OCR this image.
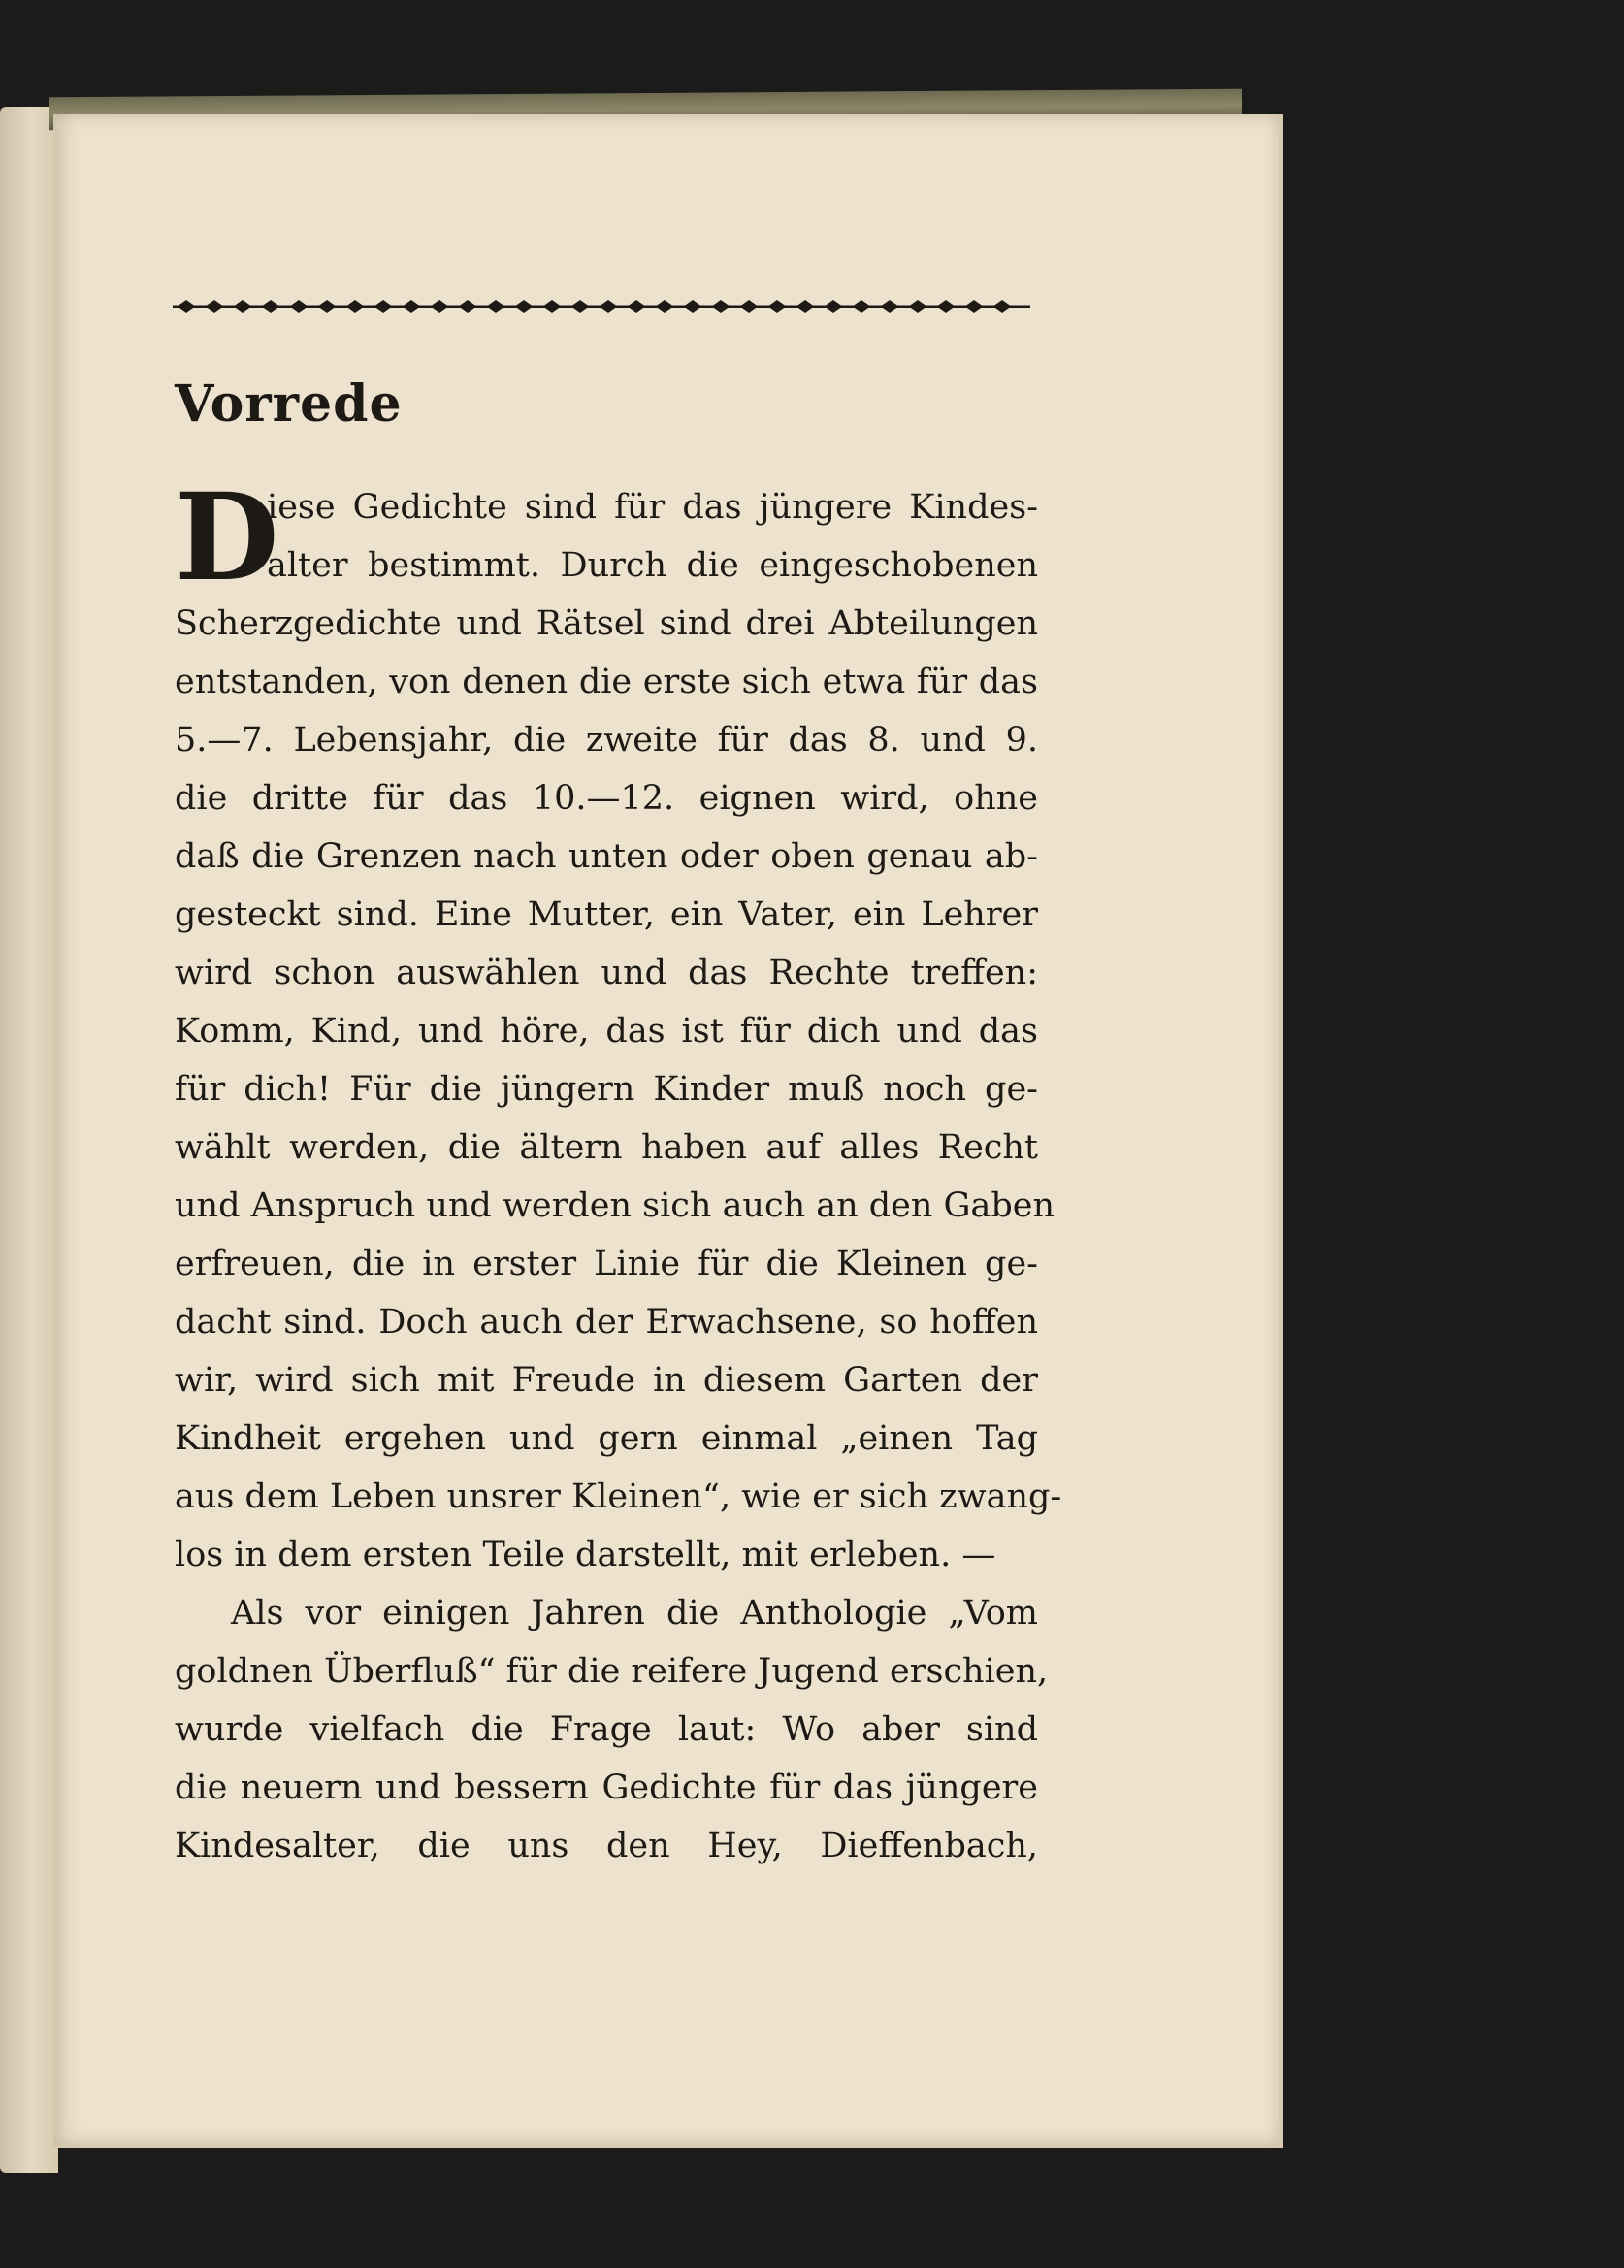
Vorrede
D
iese Gedichte sind für das jüngere Kindes-
alter bestimmt. Durch die eingeschobenen
Scherzgedichte und Rätsel sind drei Abteilungen
entstanden, von denen die erste sich etwa für das
5.—7. Lebensjahr, die zweite für das 8. und 9.
die dritte für das 10.—12. eignen wird, ohne
daß die Grenzen nach unten oder oben genau ab-
gesteckt sind. Eine Mutter, ein Vater, ein Lehrer
wird schon auswählen und das Rechte treffen:
Komm, Kind, und höre, das ist für dich und das
für dich! Für die jüngern Kinder muß noch ge-
wählt werden, die ältern haben auf alles Recht
und Anspruch und werden sich auch an den Gaben
erfreuen, die in erster Linie für die Kleinen ge-
dacht sind. Doch auch der Erwachsene, so hoffen
wir, wird sich mit Freude in diesem Garten der
Kindheit ergehen und gern einmal „einen Tag
aus dem Leben unsrer Kleinen“, wie er sich zwang-
los in dem ersten Teile darstellt, mit erleben. —
Als vor einigen Jahren die Anthologie „Vom
goldnen Überfluß“ für die reifere Jugend erschien,
wurde vielfach die Frage laut: Wo aber sind
die neuern und bessern Gedichte für das jüngere
Kindesalter, die uns den Hey, Dieffenbach,
